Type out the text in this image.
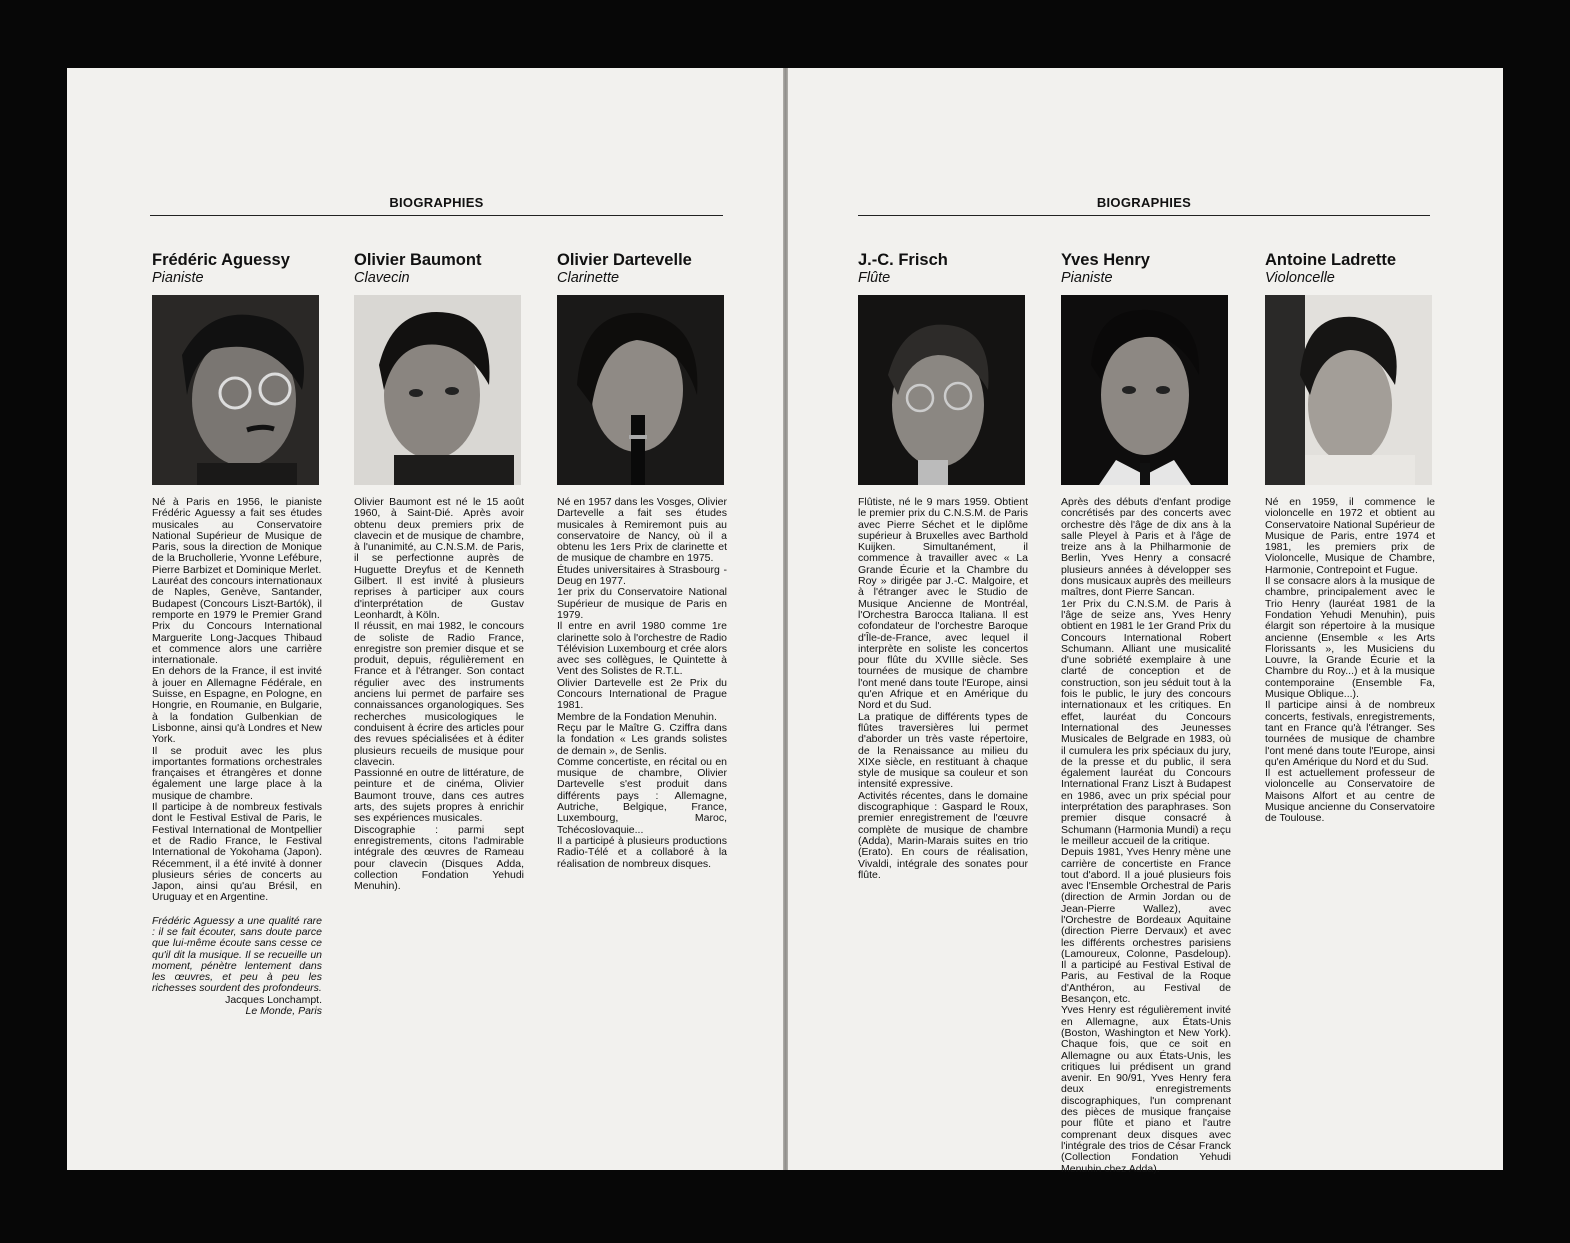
BIOGRAPHIES
Frédéric Aguessy
Pianiste

Né à Paris en 1956, le pianiste Frédéric Aguessy a fait ses études musicales au Conservatoire National Supérieur de Musique de Paris, sous la direction de Monique de la Bruchollerie, Yvonne Lefébure, Pierre Barbizet et Dominique Merlet.

Lauréat des concours internationaux de Naples, Genève, Santander, Budapest (Concours Liszt-Bartók), il remporte en 1979 le Premier Grand Prix du Concours International Marguerite Long-Jacques Thibaud et commence alors une carrière internationale.

En dehors de la France, il est invité à jouer en Allemagne Fédérale, en Suisse, en Espagne, en Pologne, en Hongrie, en Roumanie, en Bulgarie, à la fondation Gulbenkian de Lisbonne, ainsi qu'à Londres et New York.

Il se produit avec les plus importantes formations orchestrales françaises et étrangères et donne également une large place à la musique de chambre.

Il participe à de nombreux festivals dont le Festival Estival de Paris, le Festival International de Montpellier et de Radio France, le Festival International de Yokohama (Japon). Récemment, il a été invité à donner plusieurs séries de concerts au Japon, ainsi qu'au Brésil, en Uruguay et en Argentine.

Frédéric Aguessy a une qualité rare : il se fait écouter, sans doute parce que lui-même écoute sans cesse ce qu'il dit la musique. Il se recueille un moment, pénètre lentement dans les œuvres, et peu à peu les richesses sourdent des profondeurs.

Jacques Lonchampt.

Le Monde, Paris

Olivier Baumont
Clavecin

Olivier Baumont est né le 15 août 1960, à Saint-Dié. Après avoir obtenu deux premiers prix de clavecin et de musique de chambre, à l'unanimité, au C.N.S.M. de Paris, il se perfectionne auprès de Huguette Dreyfus et de Kenneth Gilbert. Il est invité à plusieurs reprises à participer aux cours d'interprétation de Gustav Leonhardt, à Köln.

Il réussit, en mai 1982, le concours de soliste de Radio France, enregistre son premier disque et se produit, depuis, régulièrement en France et à l'étranger. Son contact régulier avec des instruments anciens lui permet de parfaire ses connaissances organologiques. Ses recherches musicologiques le conduisent à écrire des articles pour des revues spécialisées et à éditer plusieurs recueils de musique pour clavecin.

Passionné en outre de littérature, de peinture et de cinéma, Olivier Baumont trouve, dans ces autres arts, des sujets propres à enrichir ses expériences musicales.

Discographie : parmi sept enregistrements, citons l'admirable intégrale des œuvres de Rameau pour clavecin (Disques Adda, collection Fondation Yehudi Menuhin).

Olivier Dartevelle
Clarinette

Né en 1957 dans les Vosges, Olivier Dartevelle a fait ses études musicales à Remiremont puis au conservatoire de Nancy, où il a obtenu les 1ers Prix de clarinette et de musique de chambre en 1975.

Études universitaires à Strasbourg - Deug en 1977.

1er prix du Conservatoire National Supérieur de musique de Paris en 1979.

Il entre en avril 1980 comme 1re clarinette solo à l'orchestre de Radio Télévision Luxembourg et crée alors avec ses collègues, le Quintette à Vent des Solistes de R.T.L.

Olivier Dartevelle est 2e Prix du Concours International de Prague 1981.

Membre de la Fondation Menuhin.

Reçu par le Maître G. Cziffra dans la fondation « Les grands solistes de demain », de Senlis.

Comme concertiste, en récital ou en musique de chambre, Olivier Dartevelle s'est produit dans différents pays : Allemagne, Autriche, Belgique, France, Luxembourg, Maroc, Tchécoslovaquie...

Il a participé à plusieurs productions Radio-Télé et a collaboré à la réalisation de nombreux disques.

BIOGRAPHIES
J.-C. Frisch
Flûte

Flûtiste, né le 9 mars 1959. Obtient le premier prix du C.N.S.M. de Paris avec Pierre Séchet et le diplôme supérieur à Bruxelles avec Barthold Kuijken. Simultanément, il commence à travailler avec « La Grande Écurie et la Chambre du Roy » dirigée par J.-C. Malgoire, et à l'étranger avec le Studio de Musique Ancienne de Montréal, l'Orchestra Barocca Italiana. Il est cofondateur de l'orchestre Baroque d'Île-de-France, avec lequel il interprète en soliste les concertos pour flûte du XVIIIe siècle. Ses tournées de musique de chambre l'ont mené dans toute l'Europe, ainsi qu'en Afrique et en Amérique du Nord et du Sud.

La pratique de différents types de flûtes traversières lui permet d'aborder un très vaste répertoire, de la Renaissance au milieu du XIXe siècle, en restituant à chaque style de musique sa couleur et son intensité expressive.

Activités récentes, dans le domaine discographique : Gaspard le Roux, premier enregistrement de l'œuvre complète de musique de chambre (Adda), Marin-Marais suites en trio (Erato). En cours de réalisation, Vivaldi, intégrale des sonates pour flûte.

Yves Henry
Pianiste

Après des débuts d'enfant prodige concrétisés par des concerts avec orchestre dès l'âge de dix ans à la salle Pleyel à Paris et à l'âge de treize ans à la Philharmonie de Berlin, Yves Henry a consacré plusieurs années à développer ses dons musicaux auprès des meilleurs maîtres, dont Pierre Sancan.

1er Prix du C.N.S.M. de Paris à l'âge de seize ans, Yves Henry obtient en 1981 le 1er Grand Prix du Concours International Robert Schumann. Alliant une musicalité d'une sobriété exemplaire à une clarté de conception et de construction, son jeu séduit tout à la fois le public, le jury des concours internationaux et les critiques. En effet, lauréat du Concours International des Jeunesses Musicales de Belgrade en 1983, où il cumulera les prix spéciaux du jury, de la presse et du public, il sera également lauréat du Concours International Franz Liszt à Budapest en 1986, avec un prix spécial pour interprétation des paraphrases. Son premier disque consacré à Schumann (Harmonia Mundi) a reçu le meilleur accueil de la critique.

Depuis 1981, Yves Henry mène une carrière de concertiste en France tout d'abord. Il a joué plusieurs fois avec l'Ensemble Orchestral de Paris (direction de Armin Jordan ou de Jean-Pierre Wallez), avec l'Orchestre de Bordeaux Aquitaine (direction Pierre Dervaux) et avec les différents orchestres parisiens (Lamoureux, Colonne, Pasdeloup). Il a participé au Festival Estival de Paris, au Festival de la Roque d'Anthéron, au Festival de Besançon, etc.

Yves Henry est régulièrement invité en Allemagne, aux États-Unis (Boston, Washington et New York). Chaque fois, que ce soit en Allemagne ou aux États-Unis, les critiques lui prédisent un grand avenir. En 90/91, Yves Henry fera deux enregistrements discographiques, l'un comprenant des pièces de musique française pour flûte et piano et l'autre comprenant deux disques avec l'intégrale des trios de César Franck (Collection Fondation Yehudi Menuhin chez Adda).

Antoine Ladrette
Violoncelle

Né en 1959, il commence le violoncelle en 1972 et obtient au Conservatoire National Supérieur de Musique de Paris, entre 1974 et 1981, les premiers prix de Violoncelle, Musique de Chambre, Harmonie, Contrepoint et Fugue.

Il se consacre alors à la musique de chambre, principalement avec le Trio Henry (lauréat 1981 de la Fondation Yehudi Menuhin), puis élargit son répertoire à la musique ancienne (Ensemble « les Arts Florissants », les Musiciens du Louvre, la Grande Écurie et la Chambre du Roy...) et à la musique contemporaine (Ensemble Fa, Musique Oblique...).

Il participe ainsi à de nombreux concerts, festivals, enregistrements, tant en France qu'à l'étranger. Ses tournées de musique de chambre l'ont mené dans toute l'Europe, ainsi qu'en Amérique du Nord et du Sud.

Il est actuellement professeur de violoncelle au Conservatoire de Maisons Alfort et au centre de Musique ancienne du Conservatoire de Toulouse.
